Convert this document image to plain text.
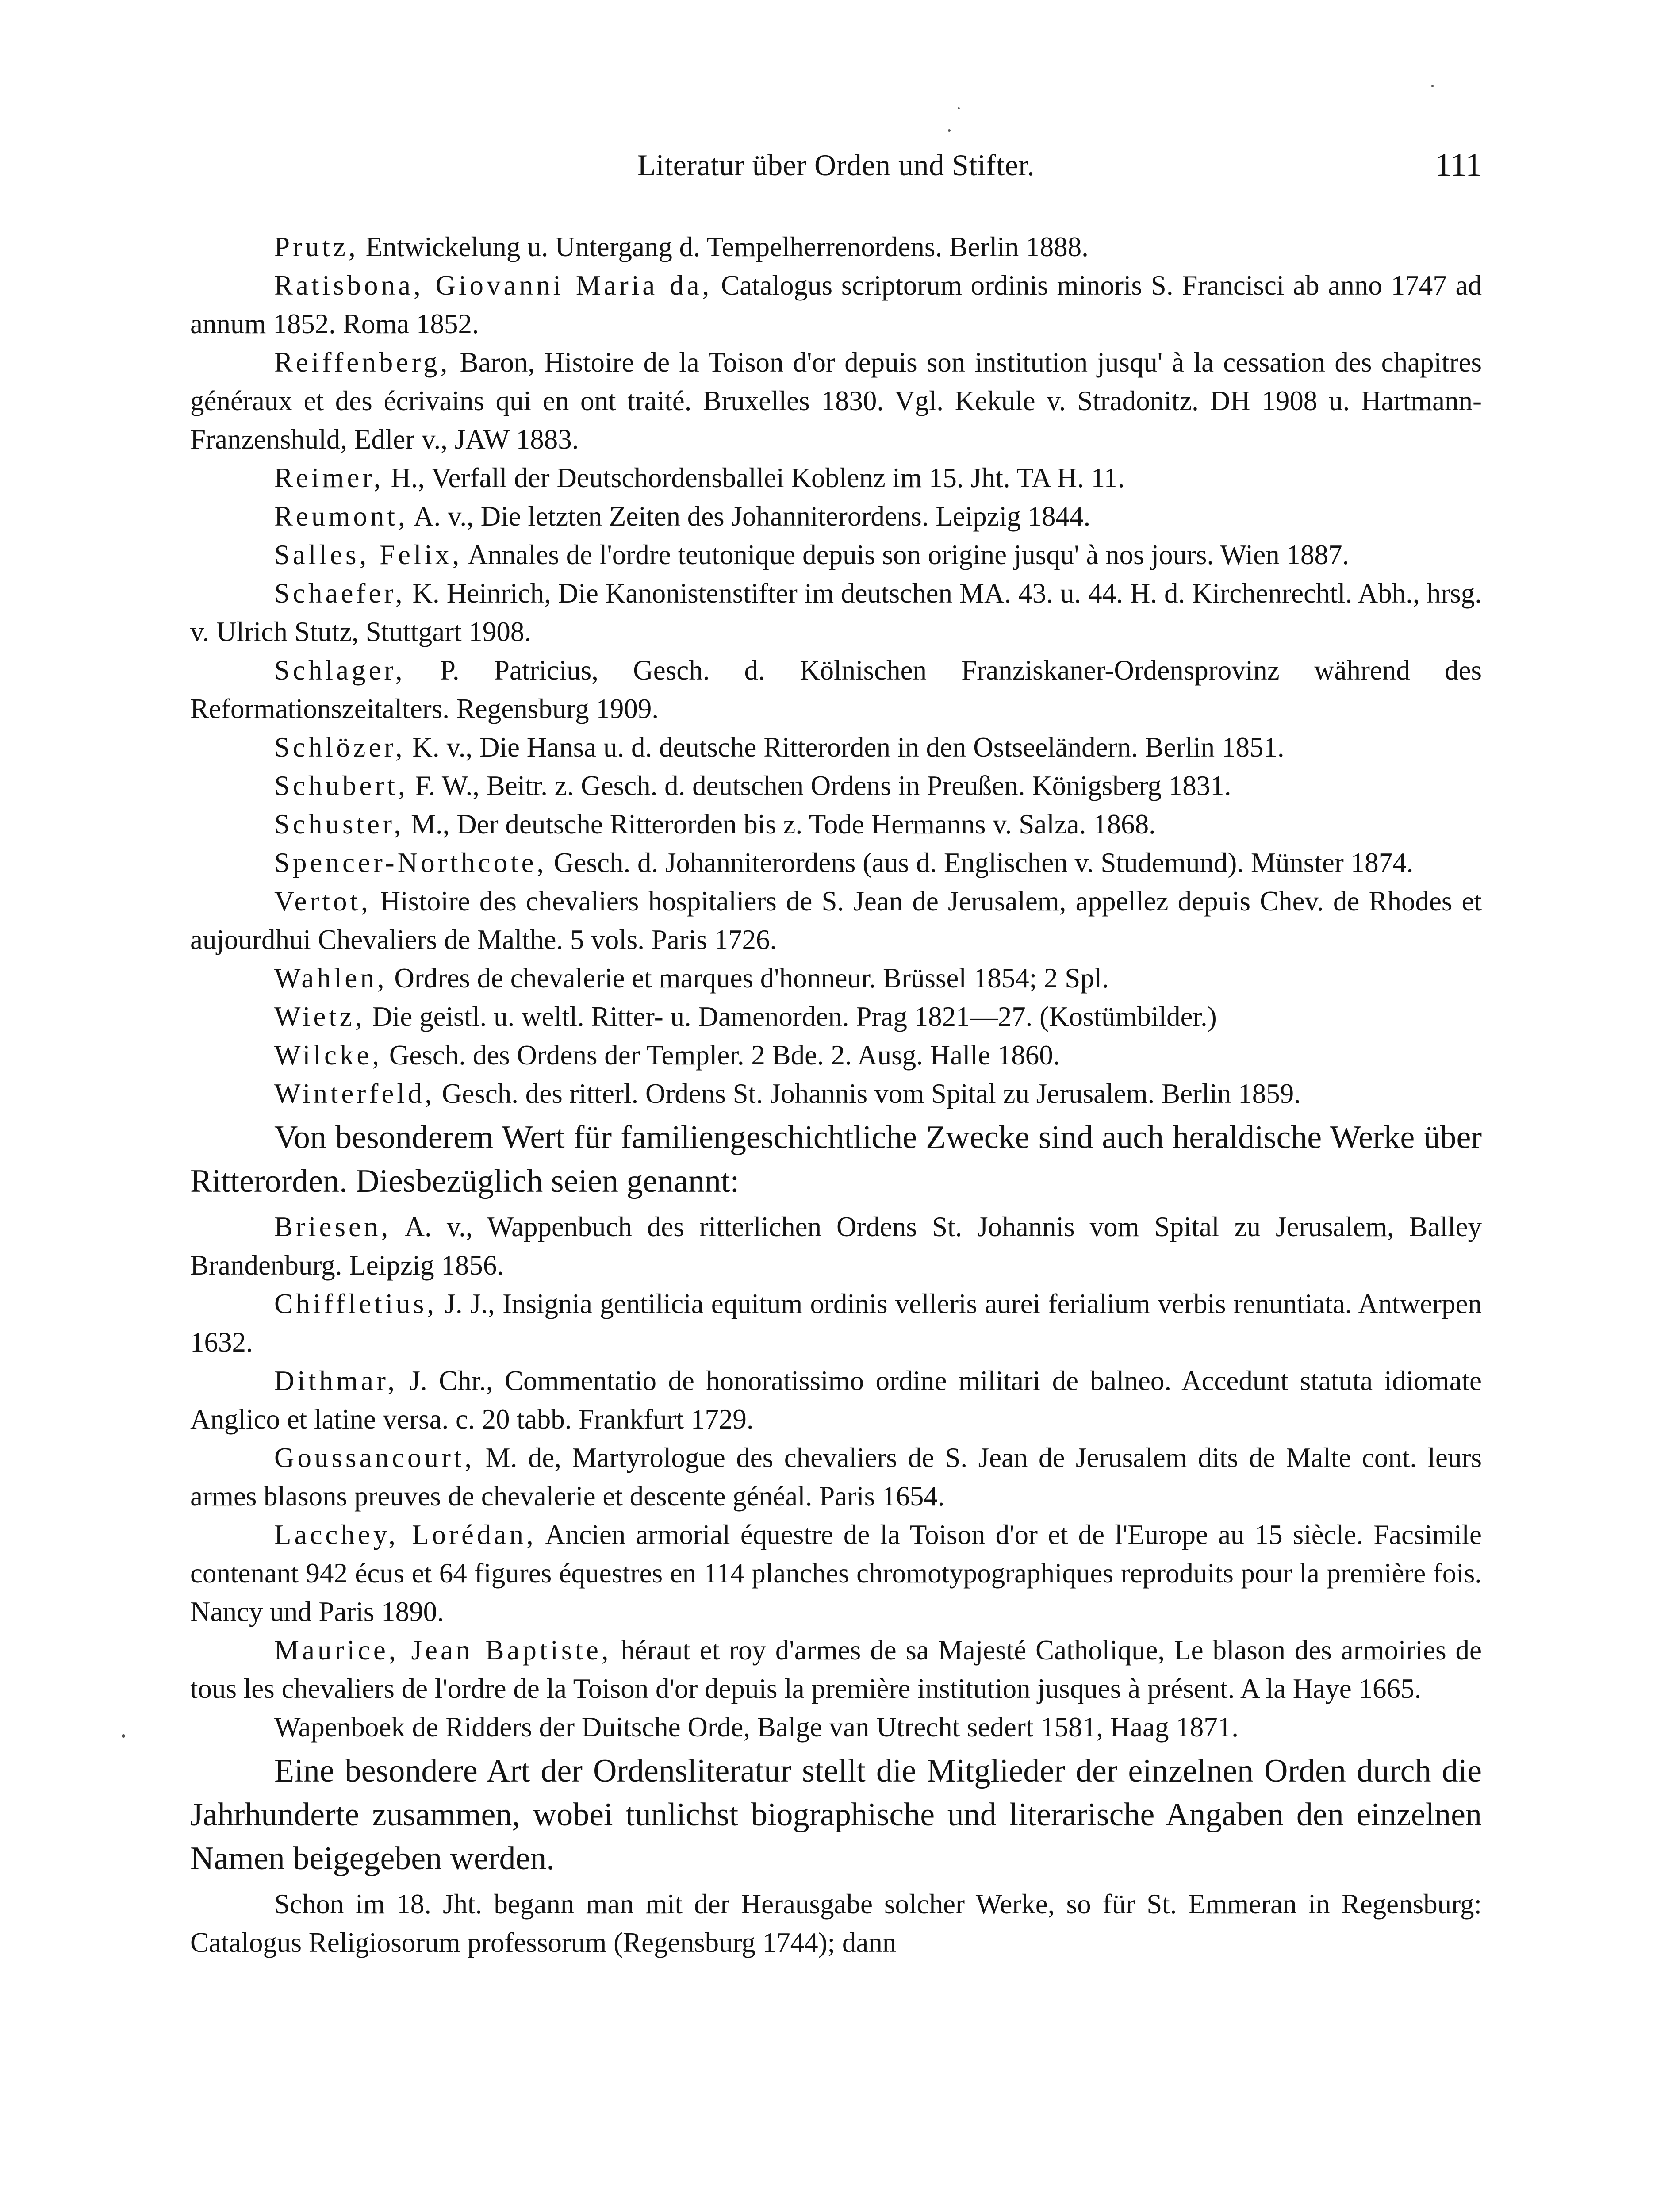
Literatur über Orden und Stifter.	111

Prutz, Entwickelung u. Untergang d. Tempelherrenordens. Berlin 1888.

Ratisbona, Giovanni Maria da, Catalogus scriptorum ordinis minoris S. Francisci ab anno 1747 ad annum 1852. Roma 1852.

Reiffenberg, Baron, Histoire de la Toison d'or depuis son institution jusqu' à la cessation des chapitres généraux et des écrivains qui en ont traité. Bruxelles 1830. Vgl. Kekule v. Stradonitz. DH 1908 u. Hartmann-Franzenshuld, Edler v., JAW 1883.

Reimer, H., Verfall der Deutschordensballei Koblenz im 15. Jht. TA H. 11.

Reumont, A. v., Die letzten Zeiten des Johanniterordens. Leipzig 1844.

Salles, Felix, Annales de l'ordre teutonique depuis son origine jusqu' à nos jours. Wien 1887.

Schaefer, K. Heinrich, Die Kanonistenstifter im deutschen MA. 43. u. 44. H. d. Kirchenrechtl. Abh., hrsg. v. Ulrich Stutz, Stuttgart 1908.

Schlager, P. Patricius, Gesch. d. Kölnischen Franziskaner-Ordensprovinz während des Reformationszeitalters. Regensburg 1909.

Schlözer, K. v., Die Hansa u. d. deutsche Ritterorden in den Ostseeländern. Berlin 1851.

Schubert, F. W., Beitr. z. Gesch. d. deutschen Ordens in Preußen. Königsberg 1831.

Schuster, M., Der deutsche Ritterorden bis z. Tode Hermanns v. Salza. 1868.

Spencer-Northcote, Gesch. d. Johanniterordens (aus d. Englischen v. Studemund). Münster 1874.

Vertot, Histoire des chevaliers hospitaliers de S. Jean de Jerusalem, appellez depuis Chev. de Rhodes et aujourdhui Chevaliers de Malthe. 5 vols. Paris 1726.

Wahlen, Ordres de chevalerie et marques d'honneur. Brüssel 1854; 2 Spl.

Wietz, Die geistl. u. weltl. Ritter- u. Damenorden. Prag 1821—27. (Kostümbilder.)

Wilcke, Gesch. des Ordens der Templer. 2 Bde. 2. Ausg. Halle 1860.

Winterfeld, Gesch. des ritterl. Ordens St. Johannis vom Spital zu Jerusalem. Berlin 1859.

Von besonderem Wert für familiengeschichtliche Zwecke sind auch heraldische Werke über Ritterorden. Diesbezüglich seien genannt:

Briesen, A. v., Wappenbuch des ritterlichen Ordens St. Johannis vom Spital zu Jerusalem, Balley Brandenburg. Leipzig 1856.

Chiffletius, J. J., Insignia gentilicia equitum ordinis velleris aurei ferialium verbis renuntiata. Antwerpen 1632.

Dithmar, J. Chr., Commentatio de honoratissimo ordine militari de balneo. Accedunt statuta idiomate Anglico et latine versa. c. 20 tabb. Frankfurt 1729.

Goussancourt, M. de, Martyrologue des chevaliers de S. Jean de Jerusalem dits de Malte cont. leurs armes blasons preuves de chevalerie et descente généal. Paris 1654.

Lacchey, Lorédan, Ancien armorial équestre de la Toison d'or et de l'Europe au 15 siècle. Facsimile contenant 942 écus et 64 figures équestres en 114 planches chromotypographiques reproduits pour la première fois. Nancy und Paris 1890.

Maurice, Jean Baptiste, héraut et roy d'armes de sa Majesté Catholique, Le blason des armoiries de tous les chevaliers de l'ordre de la Toison d'or depuis la première institution jusques à présent. A la Haye 1665.

Wapenboek de Ridders der Duitsche Orde, Balge van Utrecht sedert 1581, Haag 1871.

Eine besondere Art der Ordensliteratur stellt die Mitglieder der einzelnen Orden durch die Jahrhunderte zusammen, wobei tunlichst biographische und literarische Angaben den einzelnen Namen beigegeben werden.

Schon im 18. Jht. begann man mit der Herausgabe solcher Werke, so für St. Emmeran in Regensburg: Catalogus Religiosorum professorum (Regensburg 1744); dann
